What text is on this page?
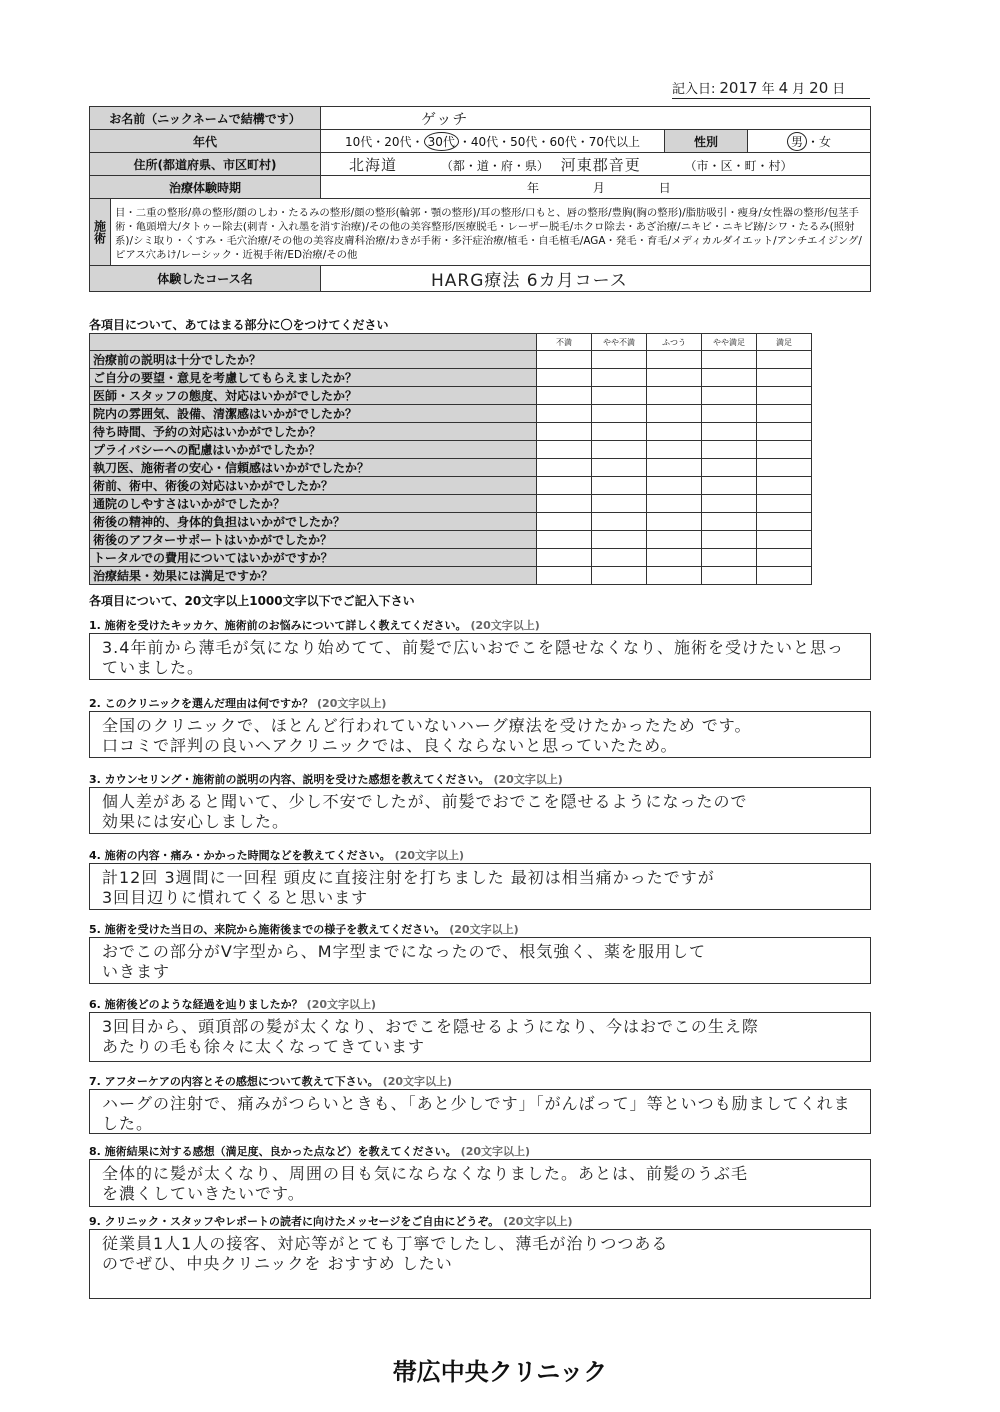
記入日: 2017 年 4 月 20 日
お名前（ニックネームで結構です）	ゲッチ		
年代	10代・20代・ 30代 ・40代・50代・60代・70代以上	性別	男 ・女
住所(都道府県、市区町村)	北海道 （都・道・府・県） 河東郡音更 （市・区・町・村）		
治療体験時期	年 月 日		

施術
目・二重の整形/鼻の整形/顔のしわ・たるみの整形/顔の整形(輪郭・顎の整形)/耳の整形/口もと、唇の整形/豊胸(胸の整形)/脂肪吸引・痩身/女性器の整形/包茎手術・亀頭増大/タトゥー除去(刺青・入れ墨を消す治療)/その他の美容整形/医療脱毛・レーザー脱毛/ホクロ除去・あざ治療/ニキビ・ニキビ跡/シワ・たるみ(照射系)/シミ取り・くすみ・毛穴治療/その他の美容皮膚科治療/わきが手術・多汗症治療/植毛・自毛植毛/AGA・発毛・育毛/メディカルダイエット/アンチエイジング/ピアス穴あけ/レーシック・近視手術/ED治療/その他			

体験したコース名	HARG療法 6カ月コース		
各項目について、あてはまる部分に〇をつけてください
	不満	やや不満	ふつう	やや満足	満足
治療前の説明は十分でしたか？					
ご自分の要望・意見を考慮してもらえましたか？					
医師・スタッフの態度、対応はいかがでしたか？					
院内の雰囲気、設備、清潔感はいかがでしたか？					
待ち時間、予約の対応はいかがでしたか？					
プライバシーへの配慮はいかがでしたか？					
執刀医、施術者の安心・信頼感はいかがでしたか？					
術前、術中、術後の対応はいかがでしたか？					
通院のしやすさはいかがでしたか？					
術後の精神的、身体的負担はいかがでしたか？					
術後のアフターサポートはいかがでしたか？					
トータルでの費用についてはいかがですか？					
治療結果・効果には満足ですか？					
各項目について、20文字以上1000文字以下でご記入下さい
1. 施術を受けたキッカケ、施術前のお悩みについて詳しく教えてください。 (20文字以上)
3.4年前から薄毛が気になり始めてて、前髪で広いおでこを隠せなくなり、施術を受けたいと思っていました。
2. このクリニックを選んだ理由は何ですか？ (20文字以上)
全国のクリニックで、ほとんど行われていないハーグ療法を受けたかったため です。
口コミで評判の良いヘアクリニックでは、良くならないと思っていたため。
3. カウンセリング・施術前の説明の内容、説明を受けた感想を教えてください。 (20文字以上)
個人差があると聞いて、少し不安でしたが、前髪でおでこを隠せるようになったので
効果には安心しました。
4. 施術の内容・痛み・かかった時間などを教えてください。 (20文字以上)
計12回 3週間に一回程 頭皮に直接注射を打ちました 最初は相当痛かったですが
3回目辺りに慣れてくると思います
5. 施術を受けた当日の、来院から施術後までの様子を教えてください。 (20文字以上)
おでこの部分がV字型から、M字型までになったので、根気強く、薬を服用して
いきます
6. 施術後どのような経過を辿りましたか？ (20文字以上)
3回目から、頭頂部の髪が太くなり、おでこを隠せるようになり、今はおでこの生え際
あたりの毛も徐々に太くなってきています
7. アフターケアの内容とその感想について教えて下さい。 (20文字以上)
ハーグの注射で、痛みがつらいときも、「あと少しです」「がんばって」等といつも励ましてくれました。
8. 施術結果に対する感想（満足度、良かった点など）を教えてください。 (20文字以上)
全体的に髪が太くなり、周囲の目も気にならなくなりました。あとは、前髪のうぶ毛
を濃くしていきたいです。
9. クリニック・スタッフやレポートの読者に向けたメッセージをご自由にどうぞ。 (20文字以上)
従業員1人1人の接客、対応等がとても丁寧でしたし、薄毛が治りつつある
のでぜひ、中央クリニックを おすすめ したい
帯広中央クリニック
